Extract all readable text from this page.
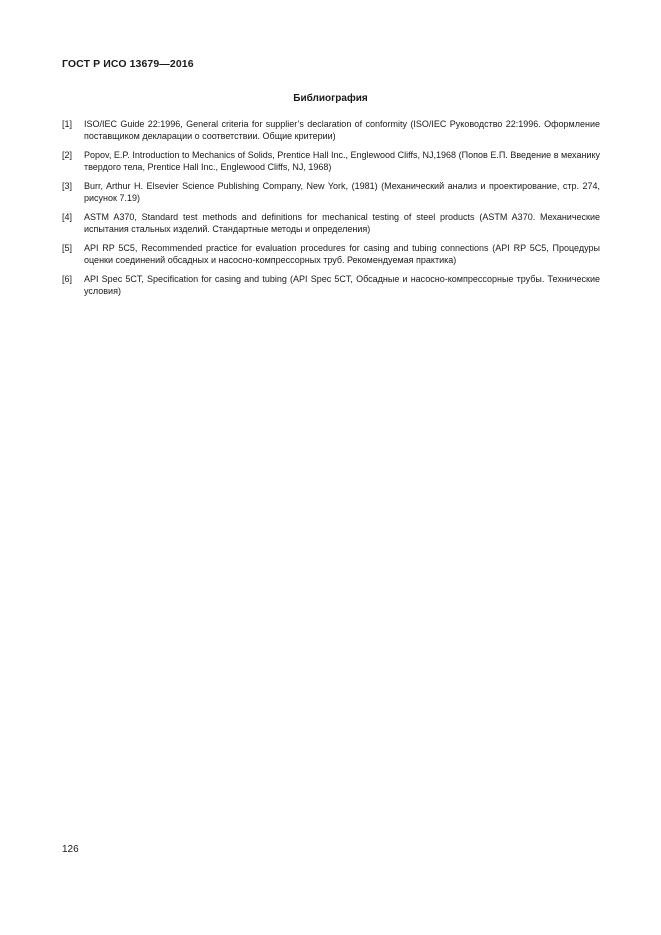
ГОСТ Р ИСО 13679—2016
Библиография
[1]	ISO/IEC Guide 22:1996, General criteria for supplier’s declaration of conformity (ISO/IEC Руководство 22:1996. Оформление поставщиком декларации о соответствии. Общие критерии)
[2]	Popov, E.P. Introduction to Mechanics of Solids, Prentice Hall Inc., Englewood Cliffs, NJ,1968 (Попов Е.П. Введение в механику твердого тела, Prentice Hall Inc., Englewood Cliffs, NJ, 1968)
[3]	Burr, Arthur H. Elsevier Science Publishing Company, New York, (1981) (Механический анализ и проектирование, стр. 274, рисунок 7.19)
[4]	ASTM A370, Standard test methods and definitions for mechanical testing of steel products (ASTM A370. Механические испытания стальных изделий. Стандартные методы и определения)
[5]	API RP 5C5, Recommended practice for evaluation procedures for casing and tubing connections (API RP 5C5, Процедуры оценки соединений обсадных и насосно-компрессорных труб. Рекомендуемая практика)
[6]	API Spec 5CT, Specification for casing and tubing (API Spec 5CT, Обсадные и насосно-компрессорные трубы. Технические условия)
126
